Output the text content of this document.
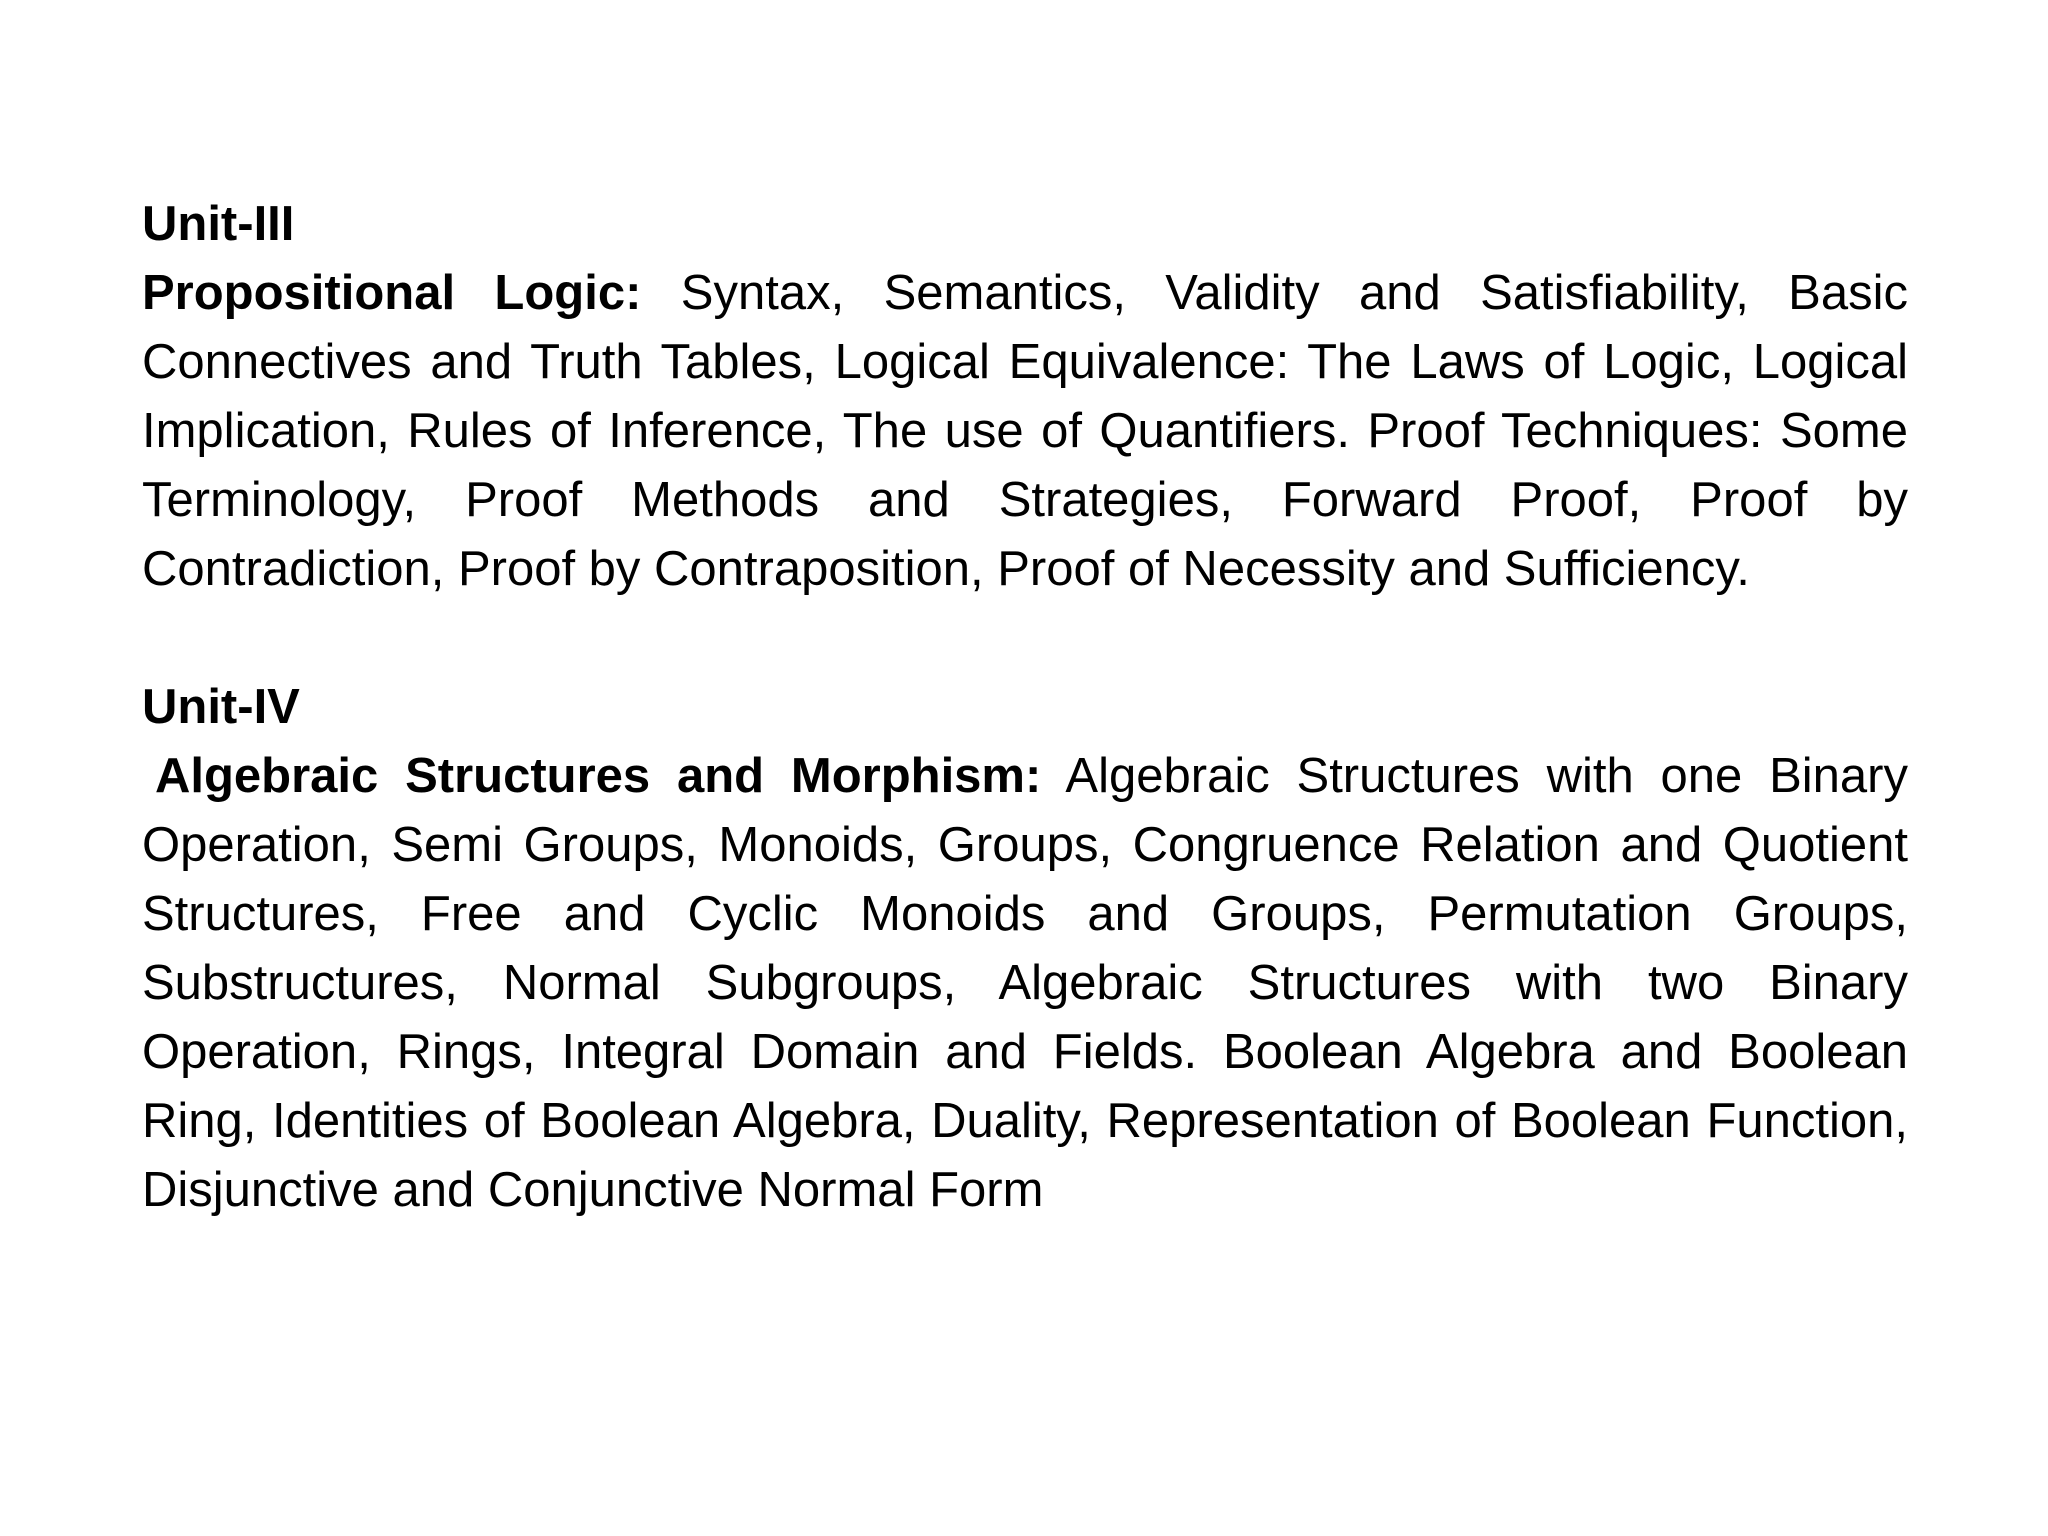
Unit-III

Propositional Logic: Syntax, Semantics, Validity and Satisfiability, Basic Connectives and Truth Tables, Logical Equivalence: The Laws of Logic, Logical Implication, Rules of Inference, The use of Quantifiers. Proof Techniques: Some Terminology, Proof Methods and Strategies, Forward Proof, Proof by Contradiction, Proof by Contraposition, Proof of Necessity and Sufficiency.

Unit-IV

Algebraic Structures and Morphism: Algebraic Structures with one Binary Operation, Semi Groups, Monoids, Groups, Congruence Relation and Quotient Structures, Free and Cyclic Monoids and Groups, Permutation Groups, Substructures, Normal Subgroups, Algebraic Structures with two Binary Operation, Rings, Integral Domain and Fields. Boolean Algebra and Boolean Ring, Identities of Boolean Algebra, Duality, Representation of Boolean Function, Disjunctive and Conjunctive Normal Form
